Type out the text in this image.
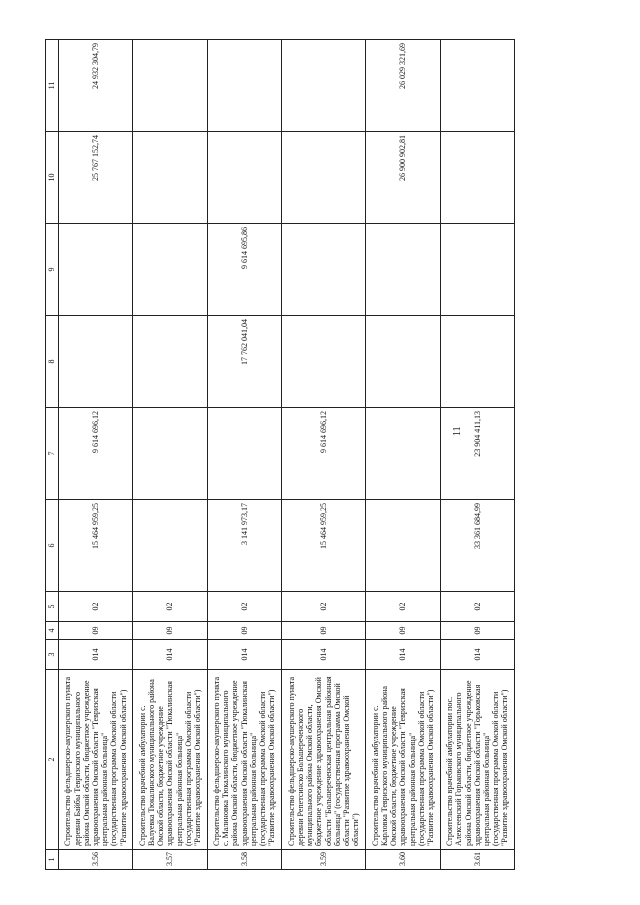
11
1	2	3	4	5	6	7	8	9	10	11
3.56	Строительство фельдшерско-акушерского пункта деревни Байбы Тевризского муниципального района Омской области, бюджетное учреждение здравоохранения Омской области "Тевризская центральная районная больница" (государственная программа Омской области "Развитие здравоохранения Омской области")	014	09	02	15 464 959,25	9 614 696,12			25 767 152,74	24 932 304,79
3.57	Строительство врачебной амбулатории с. Валуевка Тюкалинского муниципального района Омской области, бюджетное учреждение здравоохранения Омской области "Тюкалинская центральная районная больница" (государственная программа Омской области "Развитие здравоохранения Омской области")	014	09	02						
3.58	Строительство фельдшерско-акушерского пункта с. Малиновка Тюкалинского муниципального района Омской области, бюджетное учреждение здравоохранения Омской области "Тюкалинская центральная районная больница" (государственная программа Омской области "Развитие здравоохранения Омской области")	014	09	02	3 141 973,17		17 762 041,04	9 614 695,86		
3.59	Строительство фельдшерско-акушерского пункта деревни Репетсинско Большереченского муниципального района Омской области, бюджетное учреждение здравоохранения Омской области "Большереченская центральная районная больница" (государственная программа Омской области "Развитие здравоохранения Омской области")	014	09	02	15 464 959,25	9 614 696,12				
3.60	Строительство врачебной амбулатории с. Карловка Тевризского муниципального района Омской области, бюджетное учреждение здравоохранения Омской области "Тевризская центральная районная больница" (государственная программа Омской области "Развитие здравоохранения Омской области")	014	09	02					26 900 902,81	26 029 321,69
3.61	Строительство врачебной амбулатории пос. Алексеевский Горьковского муниципального района Омской области, бюджетное учреждение здравоохранения Омской области "Горьковская центральная районная больница" (государственная программа Омской области "Развитие здравоохранения Омской области")	014	09	02	33 361 684,99	23 904 411,13				
